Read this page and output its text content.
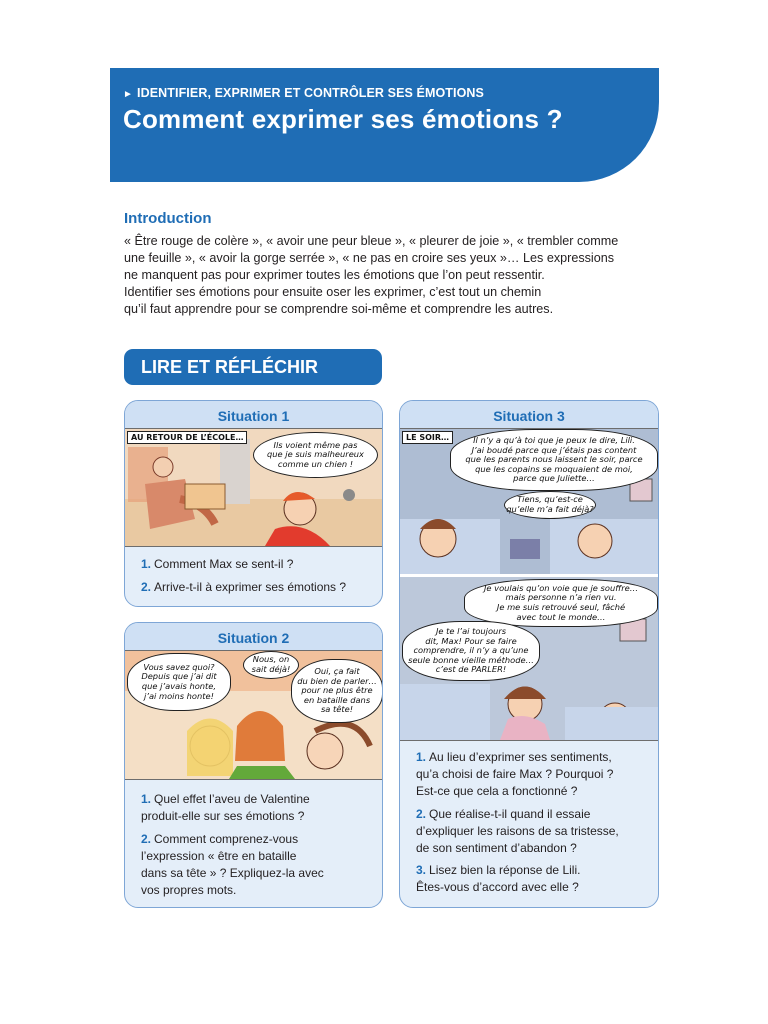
► IDENTIFIER, EXPRIMER ET CONTRÔLER SES ÉMOTIONS
Comment exprimer ses émotions ?
Introduction
« Être rouge de colère », « avoir une peur bleue », « pleurer de joie », « trembler comme
une feuille », « avoir la gorge serrée », « ne pas en croire ses yeux »… Les expressions
ne manquent pas pour exprimer toutes les émotions que l’on peut ressentir.
Identifier ses émotions pour ensuite oser les exprimer, c’est tout un chemin
qu’il faut apprendre pour se comprendre soi-même et comprendre les autres.
LIRE ET RÉFLÉCHIR
Situation 1
AU RETOUR DE L’ÉCOLE…
Ils voient même pas
que je suis malheureux
comme un chien !
1. Comment Max se sent-il ?
2. Arrive-t-il à exprimer ses émotions ?
Situation 2
Vous savez quoi?
Depuis que j’ai dit
que j’avais honte,
j’ai moins honte!
Nous, on
sait déjà!	Oui, ça fait
du bien de parler…
pour ne plus être
en bataille dans
sa tête!
1. Quel effet l’aveu de Valentine
produit-elle sur ses émotions ?
2. Comment comprenez-vous
l’expression « être en bataille
dans sa tête » ? Expliquez-la avec
vos propres mots.
Situation 3
LE SOIR…	Il n’y a qu’à toi que je peux le dire, Lili.
J’ai boudé parce que j’étais pas content
que les parents nous laissent le soir, parce
que les copains se moquaient de moi,
parce que Juliette…
Tiens, qu’est-ce
qu’elle m’a fait déjà?
Je voulais qu’on voie que je souffre…
mais personne n’a rien vu.
Je me suis retrouvé seul, fâché
avec tout le monde…
Je te l’ai toujours
dit, Max! Pour se faire
comprendre, il n’y a qu’une
seule bonne vieille méthode…
c’est de PARLER!
1. Au lieu d’exprimer ses sentiments,
qu’a choisi de faire Max ? Pourquoi ?
Est-ce que cela a fonctionné ?
2. Que réalise-t-il quand il essaie
d’expliquer les raisons de sa tristesse,
de son sentiment d’abandon ?
3. Lisez bien la réponse de Lili.
Êtes-vous d’accord avec elle ?
